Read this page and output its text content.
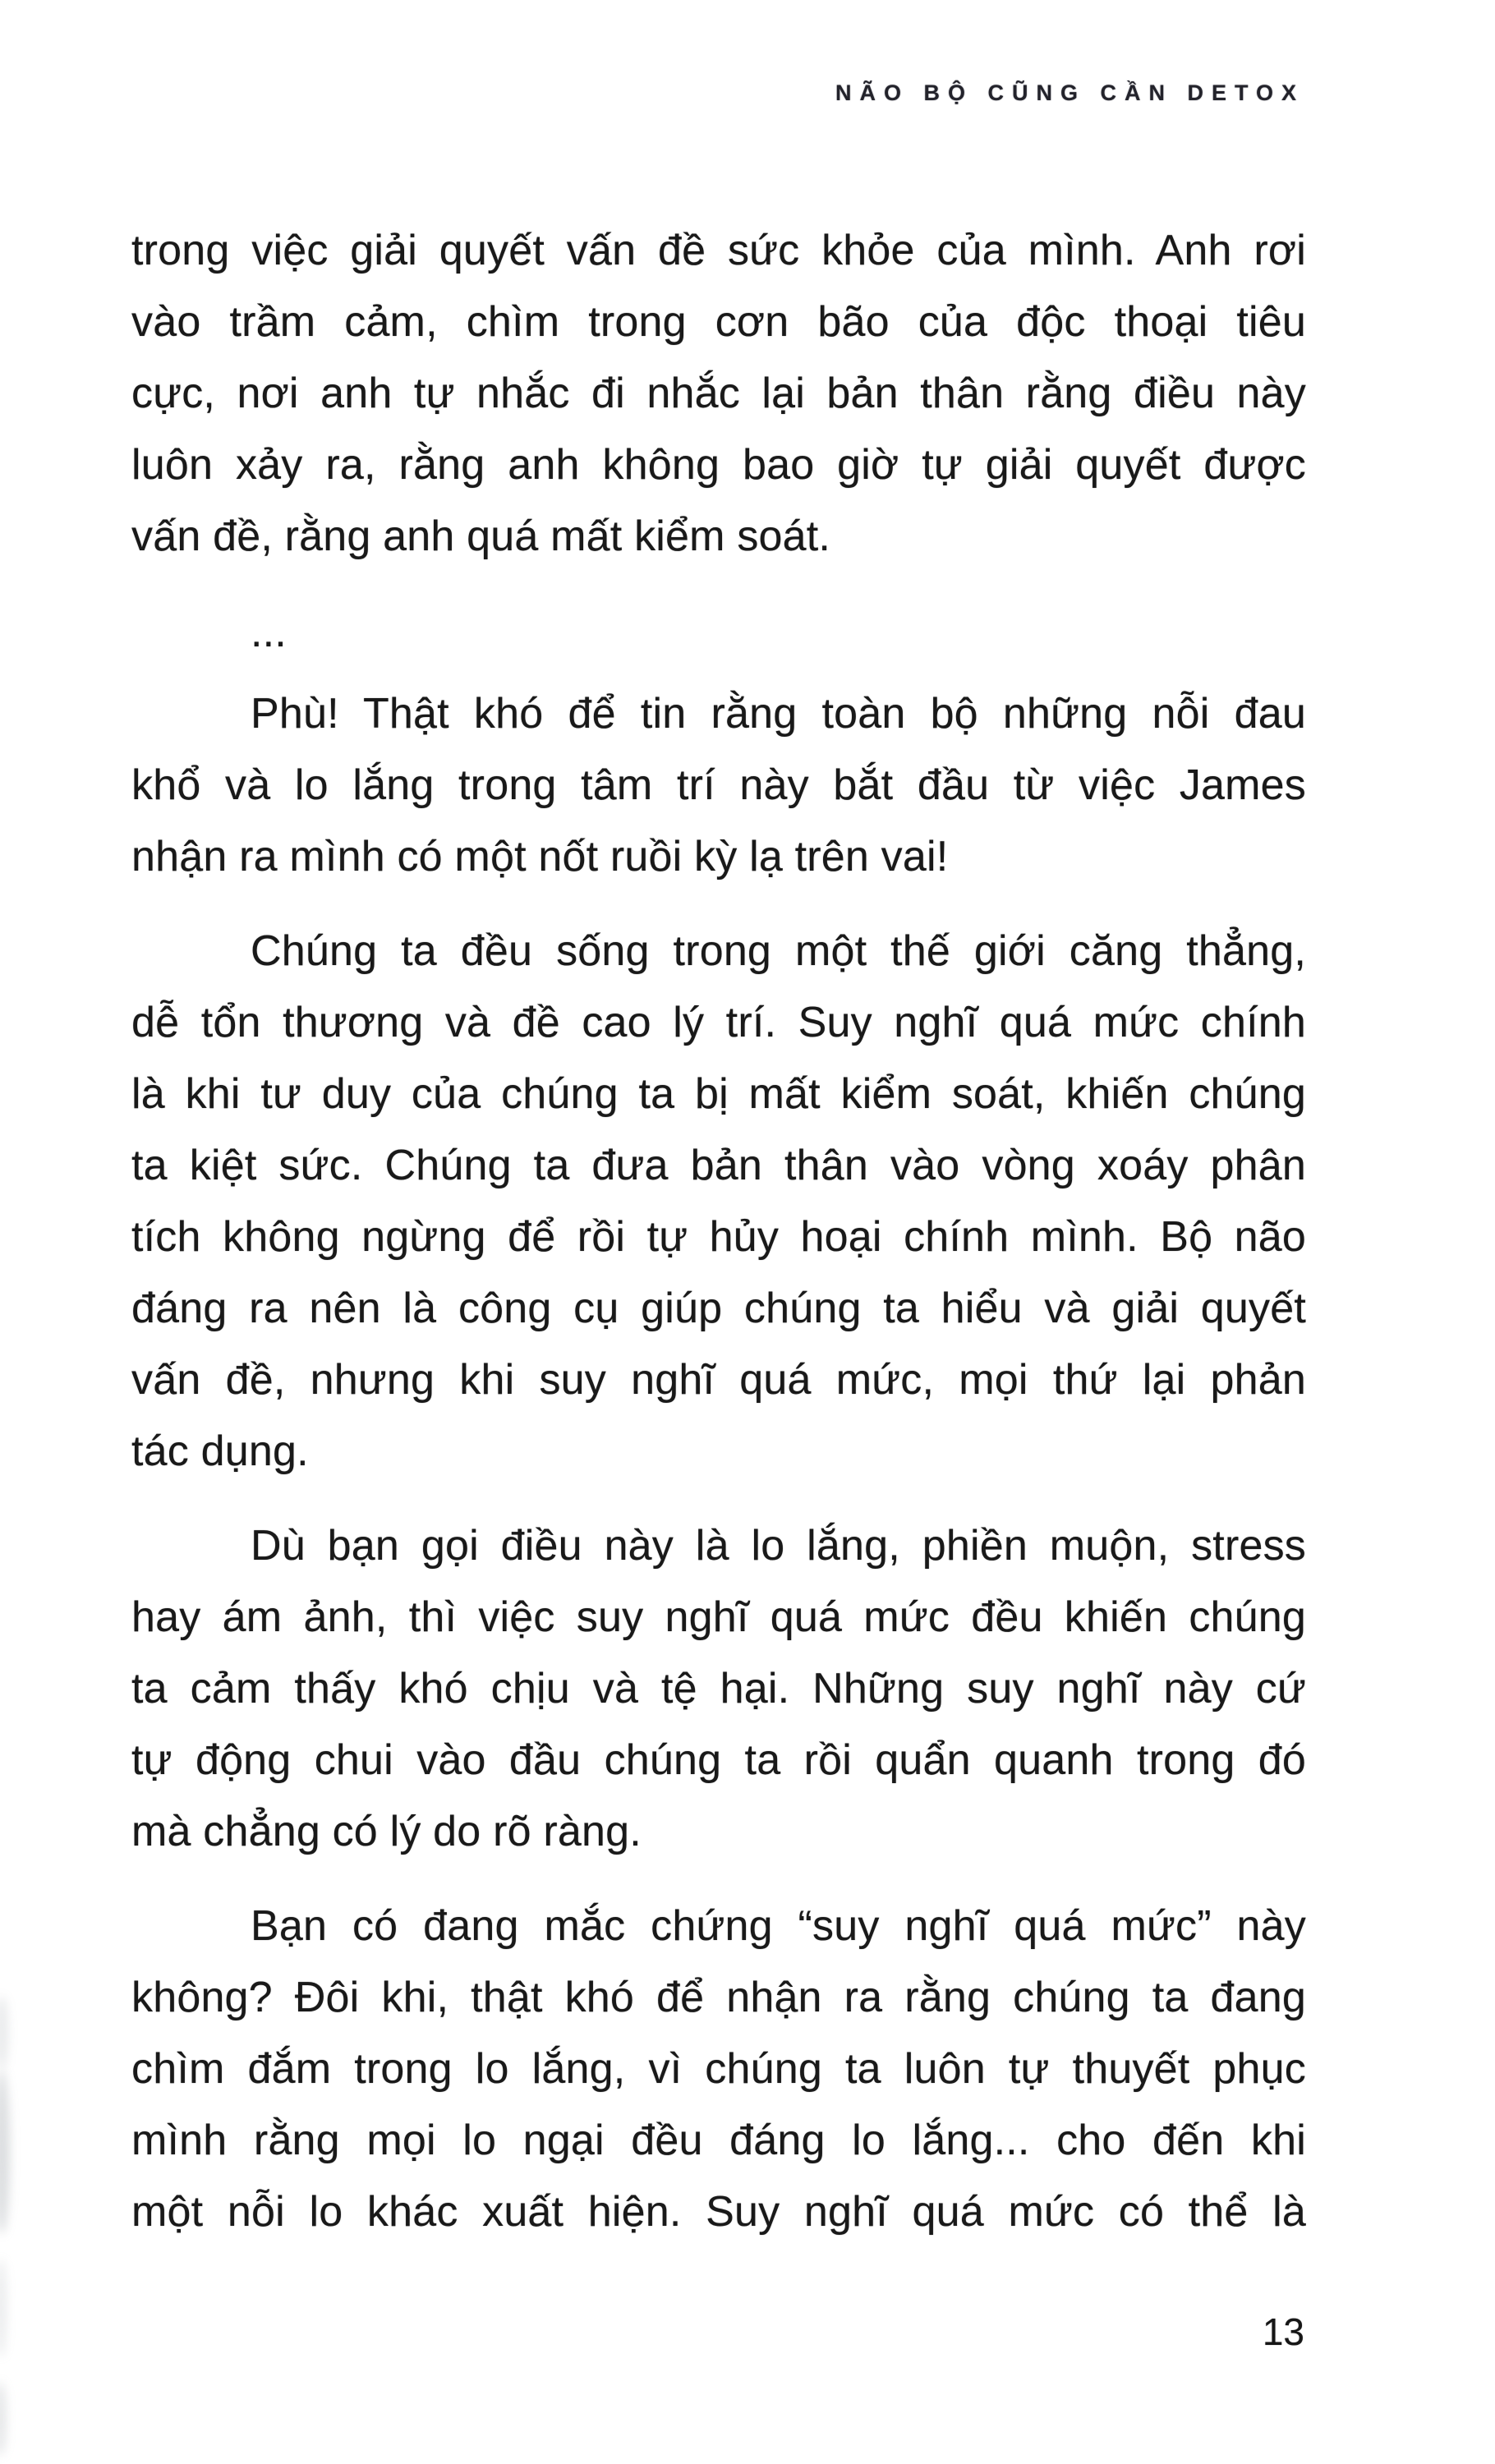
NÃO BỘ CŨNG CẦN DETOX
trong việc giải quyết vấn đề sức khỏe của mình. Anh rơi
vào trầm cảm, chìm trong cơn bão của độc thoại tiêu
cực, nơi anh tự nhắc đi nhắc lại bản thân rằng điều này
luôn xảy ra, rằng anh không bao giờ tự giải quyết được
vấn đề, rằng anh quá mất kiểm soát.
...
Phù! Thật khó để tin rằng toàn bộ những nỗi đau
khổ và lo lắng trong tâm trí này bắt đầu từ việc James
nhận ra mình có một nốt ruồi kỳ lạ trên vai!
Chúng ta đều sống trong một thế giới căng thẳng,
dễ tổn thương và đề cao lý trí. Suy nghĩ quá mức chính
là khi tư duy của chúng ta bị mất kiểm soát, khiến chúng
ta kiệt sức. Chúng ta đưa bản thân vào vòng xoáy phân
tích không ngừng để rồi tự hủy hoại chính mình. Bộ não
đáng ra nên là công cụ giúp chúng ta hiểu và giải quyết
vấn đề, nhưng khi suy nghĩ quá mức, mọi thứ lại phản
tác dụng.
Dù bạn gọi điều này là lo lắng, phiền muộn, stress
hay ám ảnh, thì việc suy nghĩ quá mức đều khiến chúng
ta cảm thấy khó chịu và tệ hại. Những suy nghĩ này cứ
tự động chui vào đầu chúng ta rồi quẩn quanh trong đó
mà chẳng có lý do rõ ràng.
Bạn có đang mắc chứng “suy nghĩ quá mức” này
không? Đôi khi, thật khó để nhận ra rằng chúng ta đang
chìm đắm trong lo lắng, vì chúng ta luôn tự thuyết phục
mình rằng mọi lo ngại đều đáng lo lắng... cho đến khi
một nỗi lo khác xuất hiện. Suy nghĩ quá mức có thể là
13
